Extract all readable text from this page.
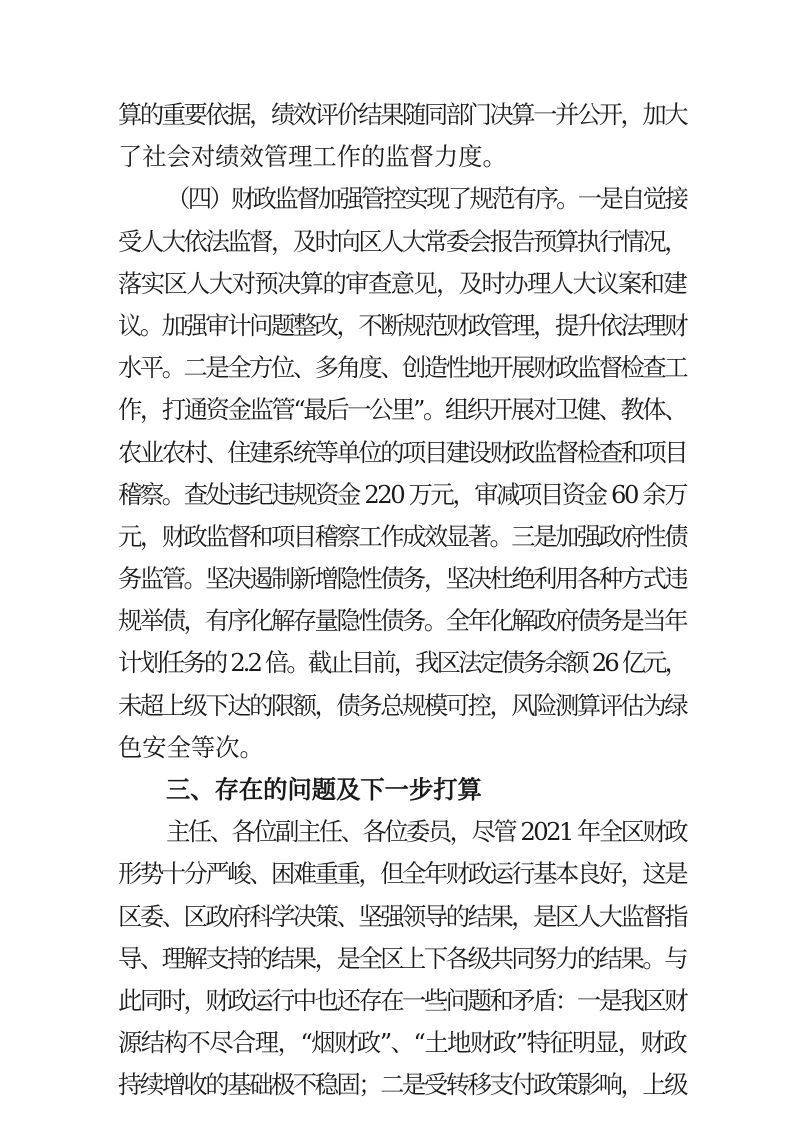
算的重要依据，绩效评价结果随同部门决算一并公开，加大
了社会对绩效管理工作的监督力度。
（四）财政监督加强管控实现了规范有序。一是自觉接
受人大依法监督，及时向区人大常委会报告预算执行情况，
落实区人大对预决算的审查意见，及时办理人大议案和建
议。加强审计问题整改，不断规范财政管理，提升依法理财
水平。二是全方位、多角度、创造性地开展财政监督检查工
作，打通资金监管“最后一公里”。组织开展对卫健、教体、
农业农村、住建系统等单位的项目建设财政监督检查和项目
稽察。查处违纪违规资金 220 万元，审减项目资金 60 余万
元，财政监督和项目稽察工作成效显著。三是加强政府性债
务监管。坚决遏制新增隐性债务，坚决杜绝利用各种方式违
规举债，有序化解存量隐性债务。全年化解政府债务是当年
计划任务的 2.2 倍。截止目前，我区法定债务余额 26 亿元，
未超上级下达的限额，债务总规模可控，风险测算评估为绿
色安全等次。
三、存在的问题及下一步打算
主任、各位副主任、各位委员，尽管 2021 年全区财政
形势十分严峻、困难重重，但全年财政运行基本良好，这是
区委、区政府科学决策、坚强领导的结果，是区人大监督指
导、理解支持的结果，是全区上下各级共同努力的结果。与
此同时，财政运行中也还存在一些问题和矛盾：一是我区财
源结构不尽合理，“烟财政”、“土地财政”特征明显，财政
持续增收的基础极不稳固；二是受转移支付政策影响，上级
